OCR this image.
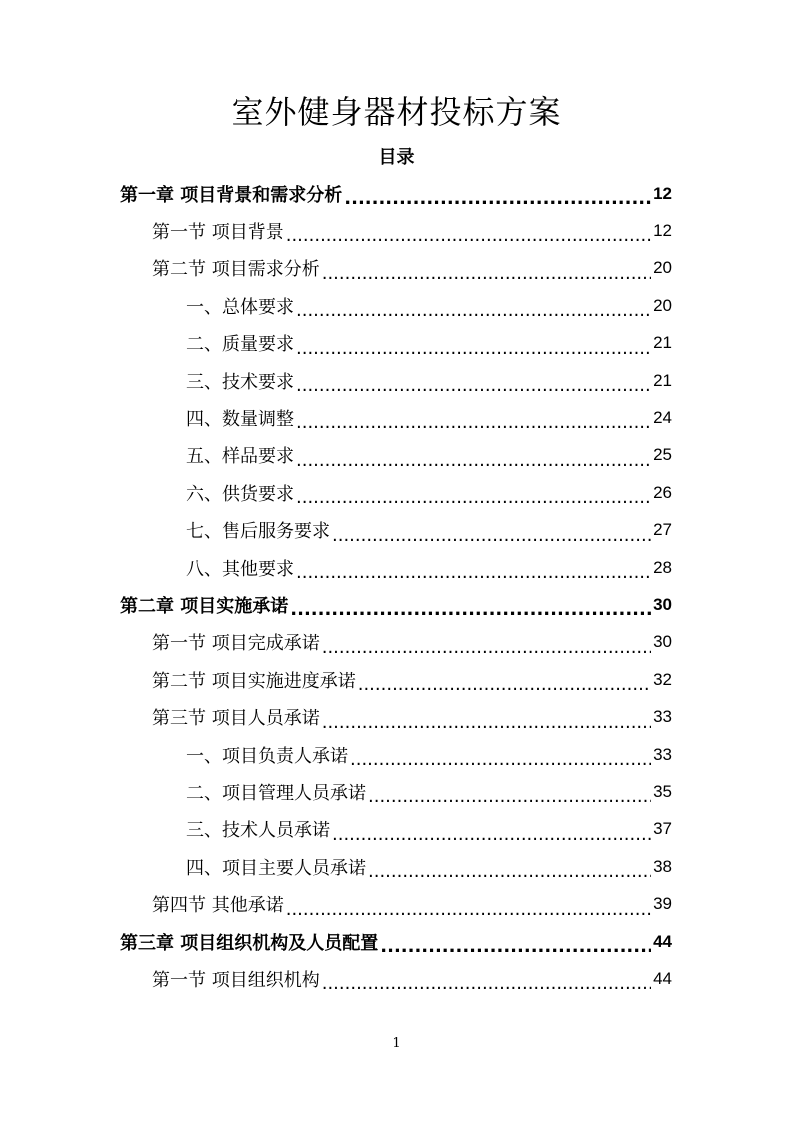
室外健身器材投标方案
目录
第一章 项目背景和需求分析 .....	12
第一节 项目背景 .....	12
第二节 项目需求分析 .....	20
一、总体要求 .....	20
二、质量要求 .....	21
三、技术要求 .....	21
四、数量调整 .....	24
五、样品要求 .....	25
六、供货要求 .....	26
七、售后服务要求 .....	27
八、其他要求 .....	28
第二章 项目实施承诺 .....	30
第一节 项目完成承诺 .....	30
第二节 项目实施进度承诺 .....	32
第三节 项目人员承诺 .....	33
一、项目负责人承诺 .....	33
二、项目管理人员承诺 .....	35
三、技术人员承诺 .....	37
四、项目主要人员承诺 .....	38
第四节 其他承诺 .....	39
第三章 项目组织机构及人员配置 .....	44
第一节 项目组织机构 .....	44
1
